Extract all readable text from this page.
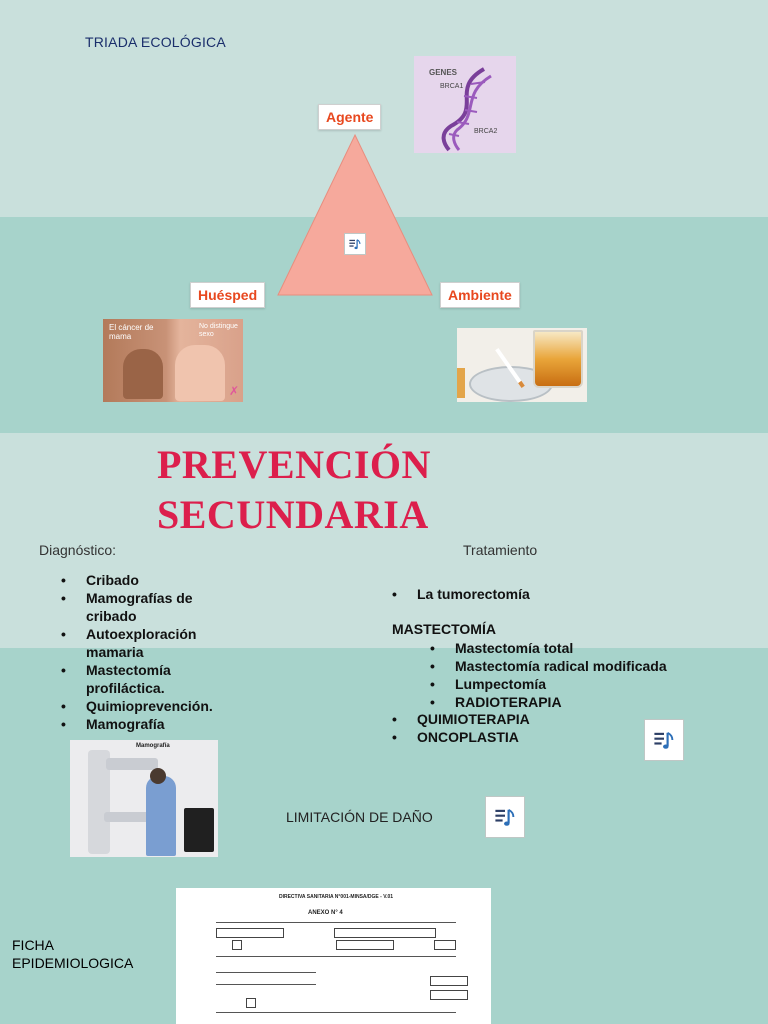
TRIADA ECOLÓGICA
Agente
Huésped	Ambiente
GENES
BRCA1
BRCA2
El cáncer de mama
No distingue sexo
✗
PREVENCIÓN
SECUNDARIA
Diagnóstico:
• Cribado
• Mamografías de cribado
• Autoexploración mamaria
• Mastectomía profiláctica.
• Quimioprevención.
• Mamografía
Tratamiento
• La tumorectomía
MASTECTOMÍA
• Mastectomía total
• Mastectomía radical modificada
• Lumpectomía
• RADIOTERAPIA
• QUIMIOTERAPIA
• ONCOPLASTIA
Mamografía
LIMITACIÓN DE DAÑO
FICHA
EPIDEMIOLOGICA
DIRECTIVA SANITARIA N°001-MINSA/DGE - V.01
ANEXO N° 4
